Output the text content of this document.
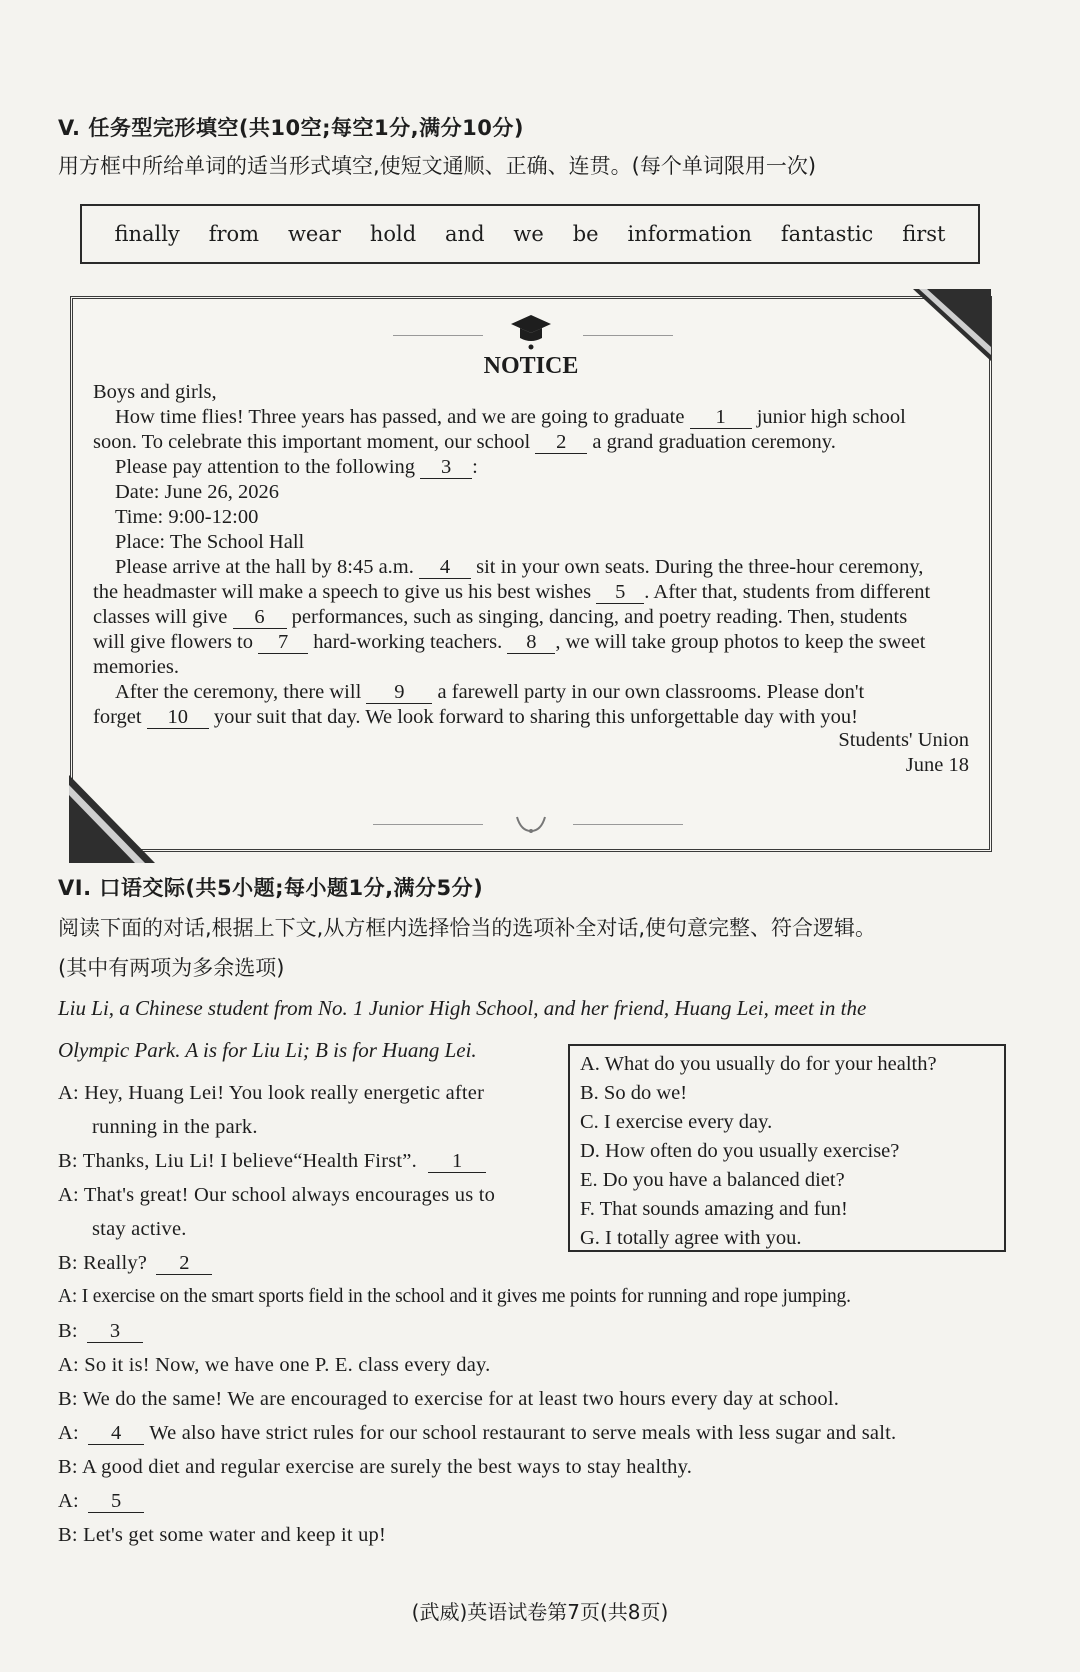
V. 任务型完形填空(共10空;每空1分,满分10分)
用方框中所给单词的适当形式填空,使短文通顺、正确、连贯。(每个单词限用一次)
finally from wear hold and we be information fantastic first
NOTICE
Boys and girls,
How time flies! Three years has passed, and we are going to graduate 1 junior high school
soon. To celebrate this important moment, our school 2 a grand graduation ceremony.
Please pay attention to the following 3 :
Date: June 26, 2026
Time: 9:00-12:00
Place: The School Hall
Please arrive at the hall by 8:45 a.m. 4 sit in your own seats. During the three-hour ceremony,
the headmaster will make a speech to give us his best wishes 5 . After that, students from different
classes will give 6 performances, such as singing, dancing, and poetry reading. Then, students
will give flowers to 7 hard-working teachers. 8 , we will take group photos to keep the sweet
memories.
After the ceremony, there will 9 a farewell party in our own classrooms. Please don't
forget 10 your suit that day. We look forward to sharing this unforgettable day with you!
Students' Union
June 18
VI. 口语交际(共5小题;每小题1分,满分5分)
阅读下面的对话,根据上下文,从方框内选择恰当的选项补全对话,使句意完整、符合逻辑。
(其中有两项为多余选项)
Liu Li, a Chinese student from No. 1 Junior High School, and her friend, Huang Lei, meet in the
Olympic Park. A is for Liu Li; B is for Huang Lei.
A. What do you usually do for your health?
B. So do we!
C. I exercise every day.
D. How often do you usually exercise?
E. Do you have a balanced diet?
F. That sounds amazing and fun!
G. I totally agree with you.
A: Hey, Huang Lei! You look really energetic after
running in the park.
B: Thanks, Liu Li! I believe“Health First”. 1
A: That's great! Our school always encourages us to
stay active.
B: Really? 2
A: I exercise on the smart sports field in the school and it gives me points for running and rope jumping.
B: 3
A: So it is! Now, we have one P. E. class every day.
B: We do the same! We are encouraged to exercise for at least two hours every day at school.
A: 4 We also have strict rules for our school restaurant to serve meals with less sugar and salt.
B: A good diet and regular exercise are surely the best ways to stay healthy.
A: 5
B: Let's get some water and keep it up!
(武威)英语试卷第7页(共8页)
